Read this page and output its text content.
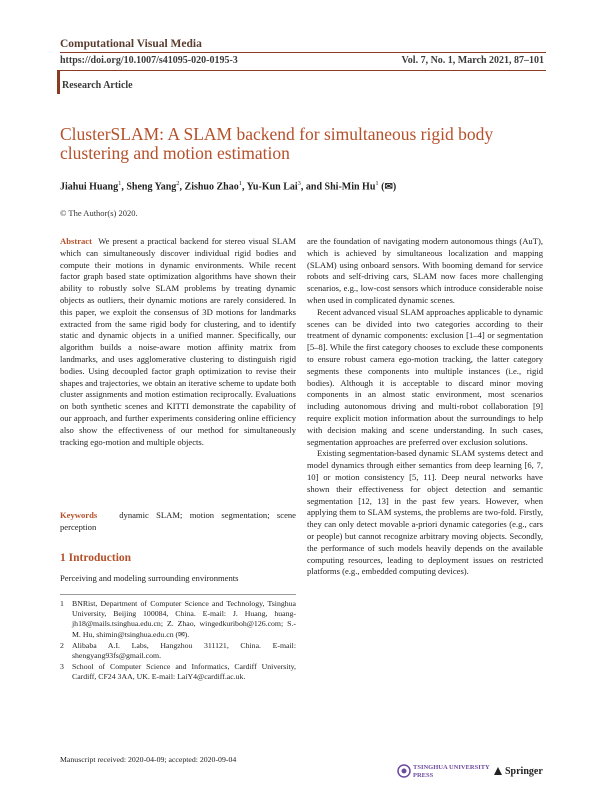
Computational Visual Media
https://doi.org/10.1007/s41095-020-0195-3	Vol. 7, No. 1, March 2021, 87–101
Research Article
ClusterSLAM: A SLAM backend for simultaneous rigid body clustering and motion estimation
Jiahui Huang$^1$, Sheng Yang$^2$, Zishuo Zhao$^1$, Yu-Kun Lai$^3$, and Shi-Min Hu$^1$ (✉)
© The Author(s) 2020.

Abstract We present a practical backend for stereo visual SLAM which can simultaneously discover individual rigid bodies and compute their motions in dynamic environments. While recent factor graph based state optimization algorithms have shown their ability to robustly solve SLAM problems by treating dynamic objects as outliers, their dynamic motions are rarely considered. In this paper, we exploit the consensus of 3D motions for landmarks extracted from the same rigid body for clustering, and to identify static and dynamic objects in a unified manner. Specifically, our algorithm builds a noise-aware motion affinity matrix from landmarks, and uses agglomerative clustering to distinguish rigid bodies. Using decoupled factor graph optimization to revise their shapes and trajectories, we obtain an iterative scheme to update both cluster assignments and motion estimation reciprocally. Evaluations on both synthetic scenes and KITTI demonstrate the capability of our approach, and further experiments considering online efficiency also show the effectiveness of our method for simultaneously tracking ego-motion and multiple objects.

Keywords	dynamic SLAM; motion segmentation; scene perception

1 Introduction
Perceiving and modeling surrounding environments
1 BNRist, Department of Computer Science and Technology, Tsinghua University, Beijing 100084, China. E-mail: J. Huang, huang-jh18@mails.tsinghua.edu.cn; Z. Zhao, wingedkuriboh@126.com; S.-M. Hu, shimin@tsinghua.edu.cn (✉).
2 Alibaba A.I. Labs, Hangzhou 311121, China. E-mail: shengyang93fs@gmail.com.
3 School of Computer Science and Informatics, Cardiff University, Cardiff, CF24 3AA, UK. E-mail: LaiY4@cardiff.ac.uk.
Manuscript received: 2020-04-09; accepted: 2020-09-04

are the foundation of navigating modern autonomous things (AuT), which is achieved by simultaneous localization and mapping (SLAM) using onboard sensors. With booming demand for service robots and self-driving cars, SLAM now faces more challenging scenarios, e.g., low-cost sensors which introduce considerable noise when used in complicated dynamic scenes.

Recent advanced visual SLAM approaches applicable to dynamic scenes can be divided into two categories according to their treatment of dynamic components: exclusion [1–4] or segmentation [5–8]. While the first category chooses to exclude these components to ensure robust camera ego-motion tracking, the latter category segments these components into multiple instances (i.e., rigid bodies). Although it is acceptable to discard minor moving components in an almost static environment, most scenarios including autonomous driving and multi-robot collaboration [9] require explicit motion information about the surroundings to help with decision making and scene understanding. In such cases, segmentation approaches are preferred over exclusion solutions.

Existing segmentation-based dynamic SLAM systems detect and model dynamics through either semantics from deep learning [6, 7, 10] or motion consistency [5, 11]. Deep neural networks have shown their effectiveness for object detection and semantic segmentation [12, 13] in the past few years. However, when applying them to SLAM systems, the problems are two-fold. Firstly, they can only detect movable a-priori dynamic categories (e.g., cars or people) but cannot recognize arbitrary moving objects. Secondly, the performance of such models heavily depends on the available computing resources, leading to deployment issues on restricted platforms (e.g., embedded computing devices).

TSINGHUA UNIVERSITY PRESS	Springer
